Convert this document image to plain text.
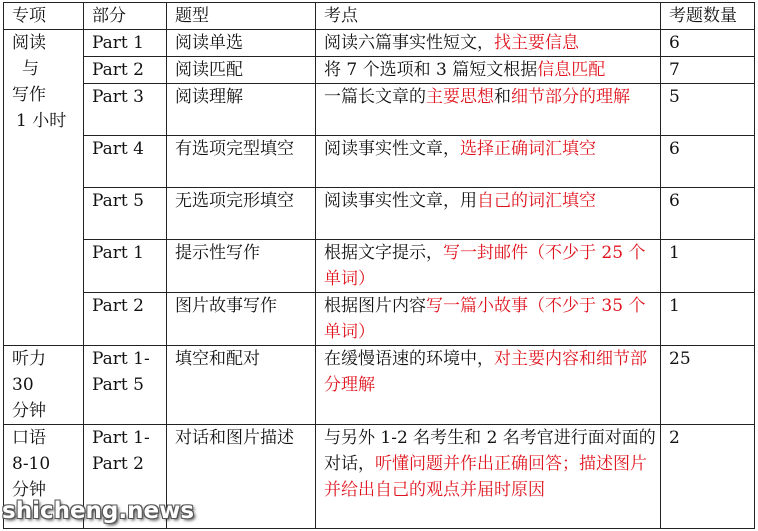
专项	部分	题型	考点	考题数量

阅读
与
写作
1 小时	Part 1	阅读单选	阅读六篇事实性短文，找主要信息	6
	Part 2	阅读匹配	将 7 个选项和 3 篇短文根据信息匹配	7
	Part 3	阅读理解	一篇长文章的主要思想和细节部分的理解	5
	Part 4	有选项完型填空	阅读事实性文章，选择正确词汇填空	6
	Part 5	无选项完形填空	阅读事实性文章，用自己的词汇填空	6
	Part 1	提示性写作	根据文字提示，写一封邮件（不少于 25 个单词）	1
	Part 2	图片故事写作	根据图片内容写一篇小故事（不少于 35 个单词）	1

听力
30
分钟	Part 1-Part 5	填空和配对	在缓慢语速的环境中，对主要内容和细节部分理解	25

口语
8-10
分钟	Part 1-Part 2	对话和图片描述	与另外 1-2 名考生和 2 名考官进行面对面的对话，听懂问题并作出正确回答；描述图片并给出自己的观点并届时原因	2
shicheng.news
